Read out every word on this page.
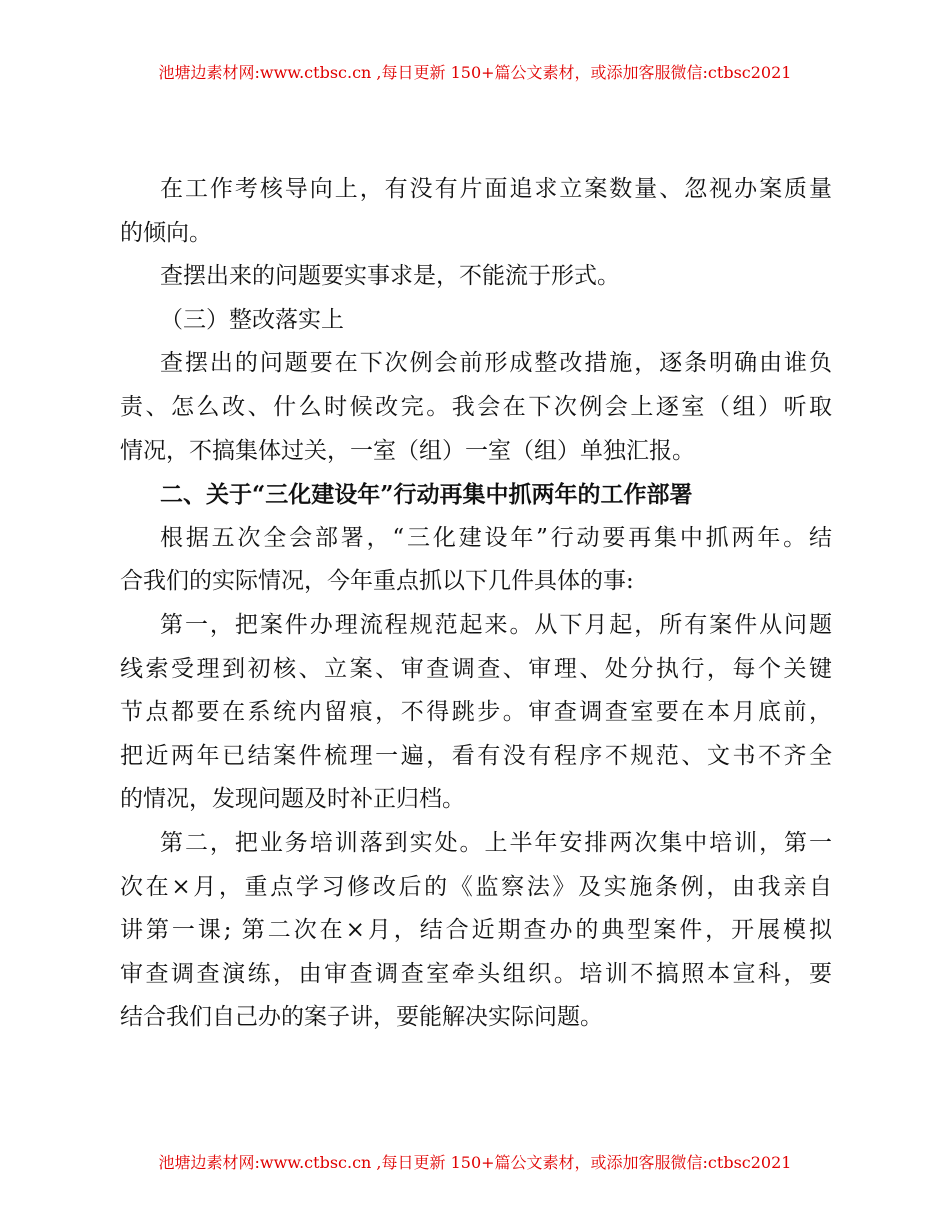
池塘边素材网:www.ctbsc.cn ,每日更新 150+篇公文素材，或添加客服微信:ctbsc2021
在工作考核导向上，有没有片面追求立案数量、忽视办案质量
的倾向。
查摆出来的问题要实事求是，不能流于形式。
（三）整改落实上
查摆出的问题要在下次例会前形成整改措施，逐条明确由谁负
责、怎么改、什么时候改完。我会在下次例会上逐室（组）听取
情况，不搞集体过关，一室（组）一室（组）单独汇报。
二、关于“三化建设年”行动再集中抓两年的工作部署
根据五次全会部署，“三化建设年”行动要再集中抓两年。结
合我们的实际情况，今年重点抓以下几件具体的事:
第一，把案件办理流程规范起来。从下月起，所有案件从问题
线索受理到初核、立案、审查调查、审理、处分执行，每个关键
节点都要在系统内留痕，不得跳步。审查调查室要在本月底前，
把近两年已结案件梳理一遍，看有没有程序不规范、文书不齐全
的情况，发现问题及时补正归档。
第二，把业务培训落到实处。上半年安排两次集中培训，第一
次在×月，重点学习修改后的《监察法》及实施条例，由我亲自
讲第一课; 第二次在×月，结合近期查办的典型案件，开展模拟
审查调查演练，由审查调查室牵头组织。培训不搞照本宣科，要
结合我们自己办的案子讲，要能解决实际问题。
池塘边素材网:www.ctbsc.cn ,每日更新 150+篇公文素材，或添加客服微信:ctbsc2021
